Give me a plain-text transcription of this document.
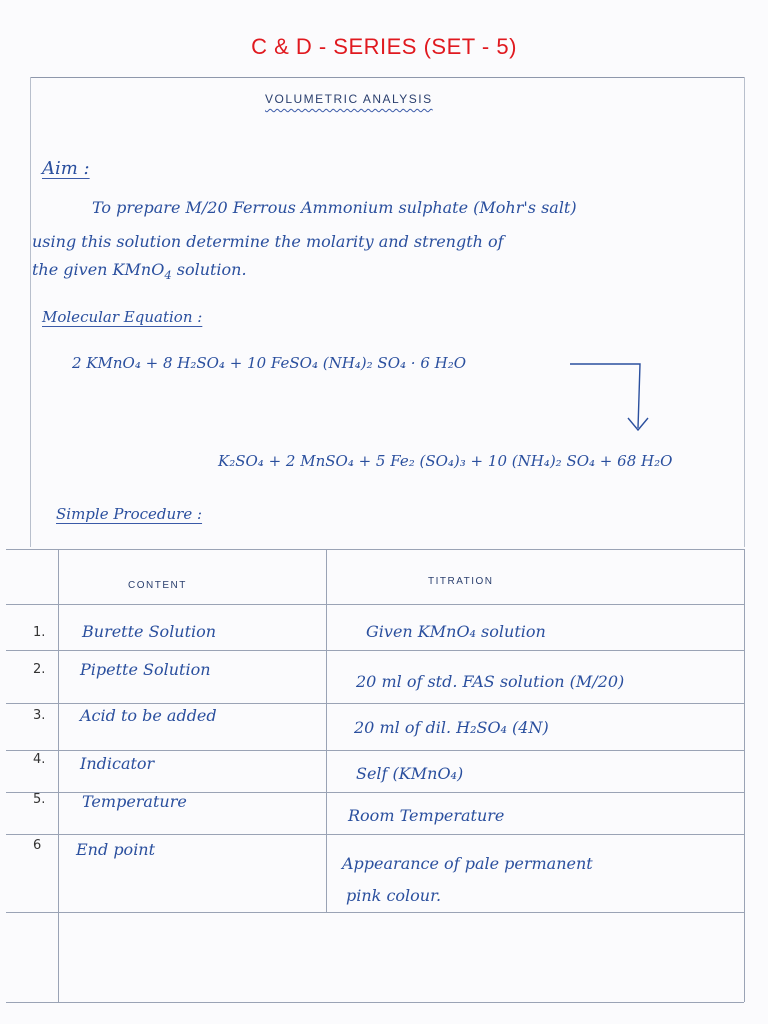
C & D - SERIES (SET - 5)
VOLUMETRIC ANALYSIS
Aim :
To prepare M/20 Ferrous Ammonium sulphate (Mohr's salt)
using this solution determine the molarity and strength of
the given KMnO$_4$ solution.
Molecular Equation :
2 KMnO₄ + 8 H₂SO₄ + 10 FeSO₄ (NH₄)₂ SO₄ · 6 H₂O
K₂SO₄ + 2 MnSO₄ + 5 Fe₂ (SO₄)₃ + 10 (NH₄)₂ SO₄ + 68 H₂O
Simple Procedure :
CONTENT	TITRATION
1. Burette Solution	Given KMnO₄ solution
2. Pipette Solution
20 ml of std. FAS solution (M/20)
3. Acid to be added
20 ml of dil. H₂SO₄ (4N)
4. Indicator
Self (KMnO₄)
5. Temperature
Room Temperature
6 End point
Appearance of pale permanent
pink colour.
